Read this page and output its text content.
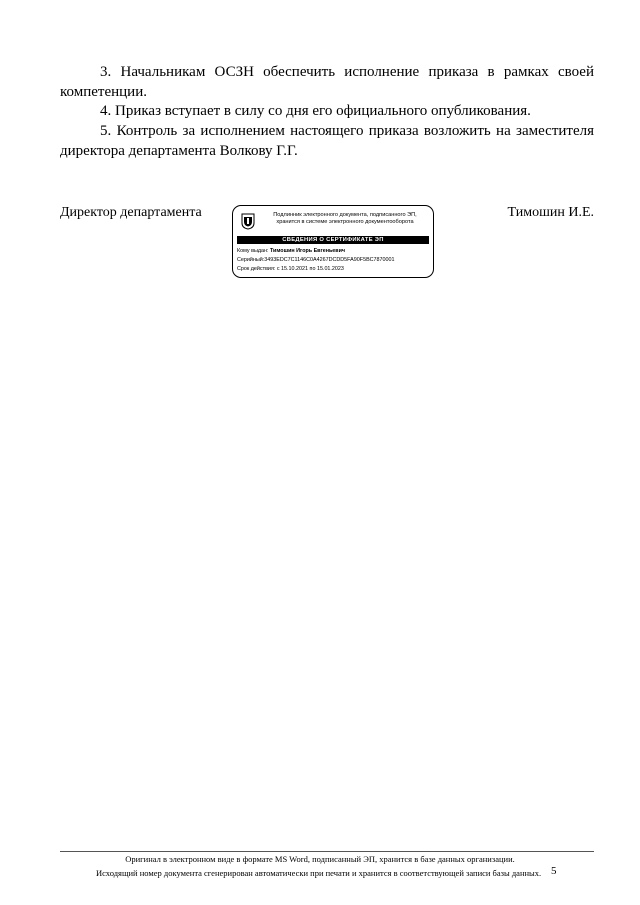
3. Начальникам ОСЗН обеспечить исполнение приказа в рамках своей

компетенции.

4. Приказ вступает в силу со дня его официального опубликования.

5. Контроль за исполнением настоящего приказа возложить на заместителя

директора департамента Волкову Г.Г.

Директор департамента	Тимошин И.Е.
Подлинник электронного документа, подписанного ЭП,
хранится в системе электронного документооборота
СВЕДЕНИЯ О СЕРТИФИКАТЕ ЭП
Кому выдан: Тимошин Игорь Евгеньевич
Серийный:3493EDC7C1146C0A4267DCDD5FA90F5BC787000​1
Срок действия: с 15.10.2021 по 15.01.2023
Оригинал в электронном виде в формате MS Word, подписанный ЭП, хранится в базе данных организации.
Исходящий номер документа сгенерирован автоматически при печати и хранится в соответствующей записи базы данных. 5
